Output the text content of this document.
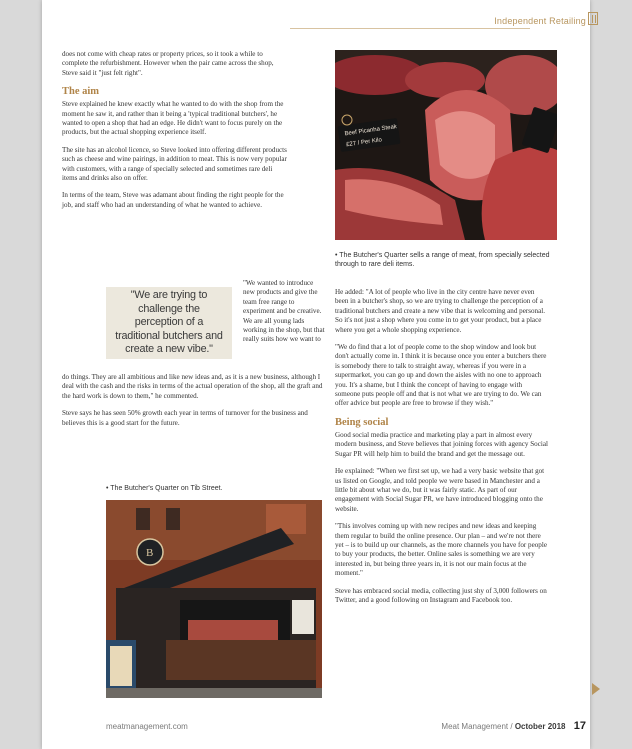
Independent Retailing

does not come with cheap rates or property prices, so it took a while to complete the refurbishment. However when the pair came across the shop, Steve said it "just felt right".

The aim

Steve explained he knew exactly what he wanted to do with the shop from the moment he saw it, and rather than it being a 'typical traditional butchers', he wanted to open a shop that had an edge. He didn't want to focus purely on the products, but the actual shopping experience itself.

The site has an alcohol licence, so Steve looked into offering different products such as cheese and wine pairings, in addition to meat. This is now very popular with customers, with a range of specially selected and sometimes rare deli items and drinks also on offer.

In terms of the team, Steve was adamant about finding the right people for the job, and staff who had an understanding of what he wanted to achieve.

"We are trying to challenge the perception of a traditional butchers and create a new vibe."

"We wanted to introduce new products and give the team free range to experiment and be creative. We are all young lads working in the shop, but that really suits how we want to

do things. They are all ambitious and like new ideas and, as it is a new business, although I deal with the cash and the risks in terms of the actual operation of the shop, all the graft and the hard work is down to them," he commented.

Steve says he has seen 50% growth each year in terms of turnover for the business and believes this is a good start for the future.

Beef Picanha Steak
£27 / Per Kilo
• The Butcher's Quarter sells a range of meat, from specially selected through to rare deli items.

He added: "A lot of people who live in the city centre have never even been in a butcher's shop, so we are trying to challenge the perception of a traditional butchers and create a new vibe that is welcoming and personal. So it's not just a shop where you come in to get your product, but a place where you get a whole shopping experience.

"We do find that a lot of people come to the shop window and look but don't actually come in. I think it is because once you enter a butchers there is somebody there to talk to straight away, whereas if you were in a supermarket, you can go up and down the aisles with no one to approach you. It's a shame, but I think the concept of having to engage with someone puts people off and that is not what we are trying to do. We can offer advice but people are free to browse if they wish."

Being social

Good social media practice and marketing play a part in almost every modern business, and Steve believes that joining forces with agency Social Sugar PR will help him to build the brand and get the message out.

He explained: "When we first set up, we had a very basic website that got us listed on Google, and told people we were based in Manchester and a little bit about what we do, but it was fairly static. As part of our engagement with Social Sugar PR, we have introduced blogging onto the website.

"This involves coming up with new recipes and new ideas and keeping them regular to build the online presence. Our plan – and we're not there yet – is to build up our channels, as the more channels you have for people to buy your products, the better. Online sales is something we are very interested in, but being three years in, it is not our main focus at the moment."

Steve has embraced social media, collecting just shy of 3,000 followers on Twitter, and a good following on Instagram and Facebook too.

• The Butcher's Quarter on Tib Street.
B
meatmanagement.com	Meat Management / October 2018 17
